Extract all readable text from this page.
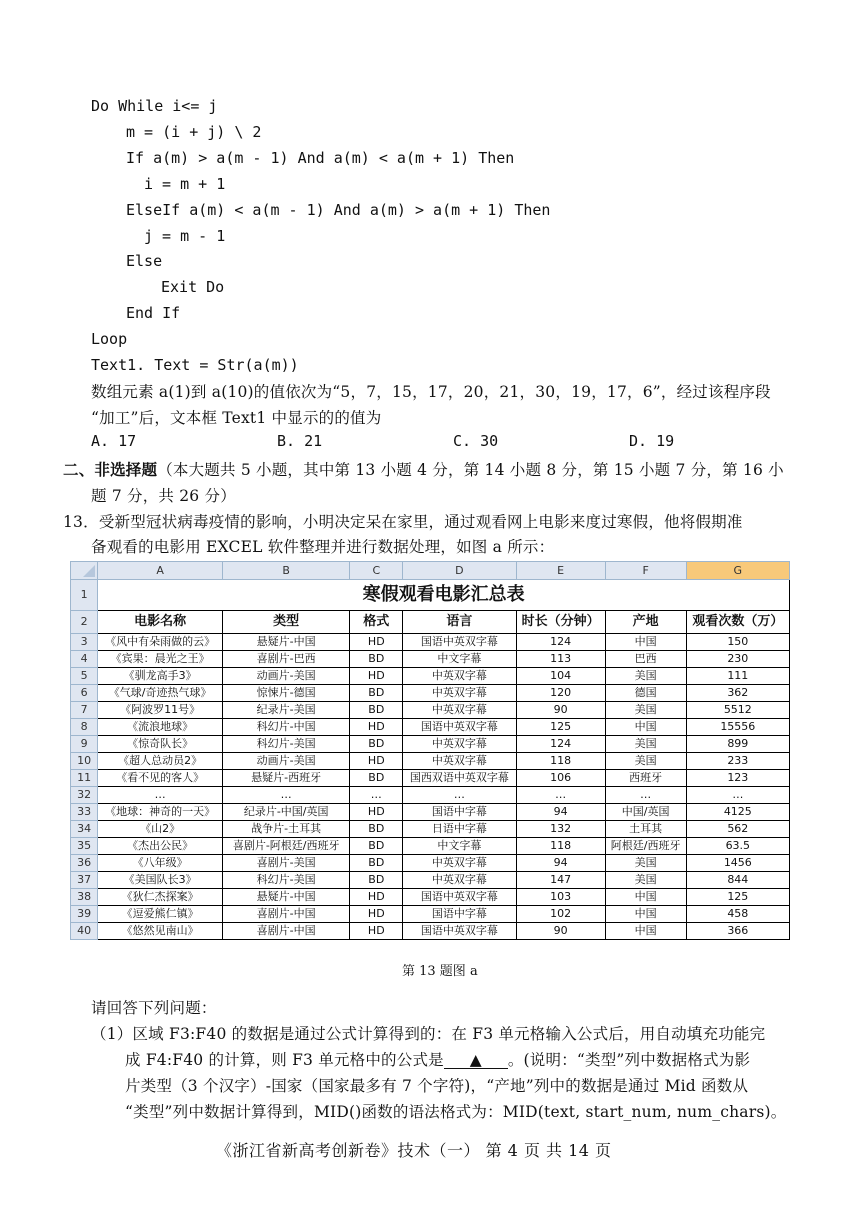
Do While i<= j
m = (i + j) \ 2
If a(m) > a(m - 1) And a(m) < a(m + 1) Then
i = m + 1
ElseIf a(m) < a(m - 1) And a(m) > a(m + 1) Then
j = m - 1
Else
Exit Do
End If
Loop
Text1. Text = Str(a(m))
数组元素 a(1)到 a(10)的值依次为“5，7，15，17，20，21，30，19，17，6”，经过该程序段
“加工”后，文本框 Text1 中显示的的值为
A. 17	B. 21	C. 30	D. 19
二、非选择题（本大题共 5 小题，其中第 13 小题 4 分，第 14 小题 8 分，第 15 小题 7 分，第 16 小
题 7 分，共 26 分）
13．受新型冠状病毒疫情的影响，小明决定呆在家里，通过观看网上电影来度过寒假，他将假期准
备观看的电影用 EXCEL 软件整理并进行数据处理，如图 a 所示：
	A	B	C	D	E	F	G
1	寒假观看电影汇总表						
2	电影名称	类型	格式	语言	时长（分钟）	产地	观看次数（万）
3	《风中有朵雨做的云》	悬疑片-中国	HD	国语中英双字幕	124	中国	150
4	《宾果：晨光之王》	喜剧片-巴西	BD	中文字幕	113	巴西	230
5	《驯龙高手3》	动画片-美国	HD	中英双字幕	104	美国	111
6	《气球/奇迹热气球》	惊悚片-德国	BD	中英双字幕	120	德国	362
7	《阿波罗11号》	纪录片-美国	BD	中英双字幕	90	美国	5512
8	《流浪地球》	科幻片-中国	HD	国语中英双字幕	125	中国	15556
9	《惊奇队长》	科幻片-美国	BD	中英双字幕	124	美国	899
10	《超人总动员2》	动画片-美国	HD	中英双字幕	118	美国	233
11	《看不见的客人》	悬疑片-西班牙	BD	国西双语中英双字幕	106	西班牙	123
32	…	…	…	…	…	…	…
33	《地球：神奇的一天》	纪录片-中国/英国	HD	国语中字幕	94	中国/英国	4125
34	《山2》	战争片-土耳其	BD	日语中字幕	132	土耳其	562
35	《杰出公民》	喜剧片-阿根廷/西班牙	BD	中文字幕	118	阿根廷/西班牙	63.5
36	《八年级》	喜剧片-美国	BD	中英双字幕	94	美国	1456
37	《美国队长3》	科幻片-美国	BD	中英双字幕	147	美国	844
38	《狄仁杰探案》	悬疑片-中国	HD	国语中英双字幕	103	中国	125
39	《逗爱熊仁镇》	喜剧片-中国	HD	国语中字幕	102	中国	458
40	《悠然见南山》	喜剧片-中国	HD	国语中英双字幕	90	中国	366
第 13 题图 a
请回答下列问题：
（1）区域 F3:F40 的数据是通过公式计算得到的：在 F3 单元格输入公式后，用自动填充功能完
成 F4:F40 的计算，则 F3 单元格中的公式是 ▲ 。(说明：“类型”列中数据格式为影
片类型（3 个汉字）-国家（国家最多有 7 个字符)，“产地”列中的数据是通过 Mid 函数从
“类型”列中数据计算得到，MID()函数的语法格式为：MID(text, start_num, num_chars)。
《浙江省新高考创新卷》技术（一） 第 4 页 共 14 页
